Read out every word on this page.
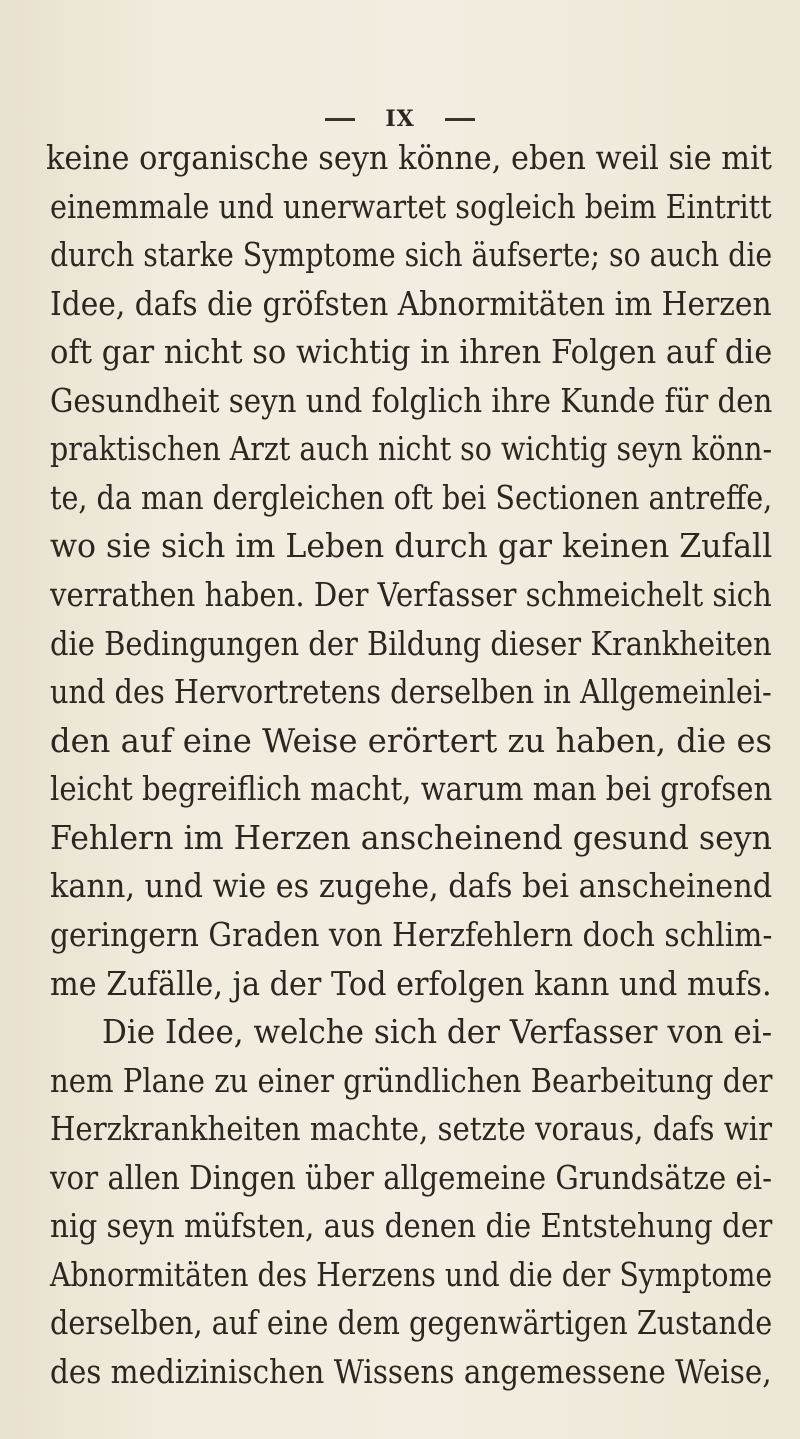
IX
keine organische seyn könne, eben weil sie mit
einemmale und unerwartet sogleich beim Eintritt
durch starke Symptome sich äufserte; so auch die
Idee, dafs die gröfsten Abnormitäten im Herzen
oft gar nicht so wichtig in ihren Folgen auf die
Gesundheit seyn und folglich ihre Kunde für den
praktischen Arzt auch nicht so wichtig seyn könn-
te, da man dergleichen oft bei Sectionen antreffe,
wo sie sich im Leben durch gar keinen Zufall
verrathen haben. Der Verfasser schmeichelt sich
die Bedingungen der Bildung dieser Krankheiten
und des Hervortretens derselben in Allgemeinlei-
den auf eine Weise erörtert zu haben, die es
leicht begreiflich macht, warum man bei grofsen
Fehlern im Herzen anscheinend gesund seyn
kann, und wie es zugehe, dafs bei anscheinend
geringern Graden von Herzfehlern doch schlim-
me Zufälle, ja der Tod erfolgen kann und mufs.
Die Idee, welche sich der Verfasser von ei-
nem Plane zu einer gründlichen Bearbeitung der
Herzkrankheiten machte, setzte voraus, dafs wir
vor allen Dingen über allgemeine Grundsätze ei-
nig seyn müfsten, aus denen die Entstehung der
Abnormitäten des Herzens und die der Symptome
derselben, auf eine dem gegenwärtigen Zustande
des medizinischen Wissens angemessene Weise,
